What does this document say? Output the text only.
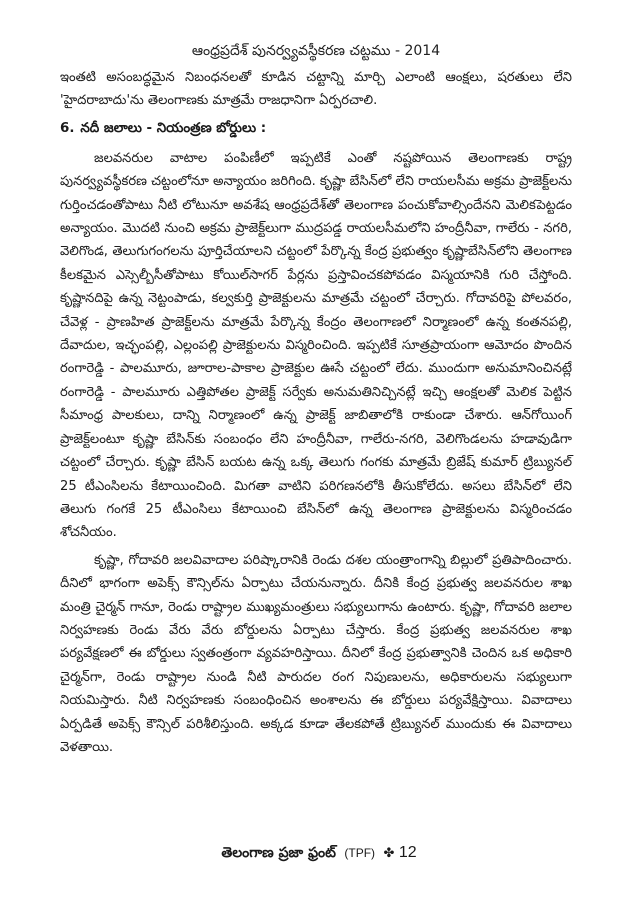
ఆంధ్రప్రదేశ్ పునర్వ్యవస్థీకరణ చట్టము - 2014

ఇంతటి అసంబద్ధమైన నిబంధనలతో కూడిన చట్టాన్ని మార్చి ఎలాంటి ఆంక్షలు, షరతులు లేని 'హైదరాబాదు'ను తెలంగాణకు మాత్రమే రాజధానిగా ఏర్పరచాలి.

6. నదీ జలాలు - నియంత్రణ బోర్డులు :

జలవనరుల వాటాల పంపిణీలో ఇప్పటికే ఎంతో నష్టపోయిన తెలంగాణకు రాష్ట్ర పునర్వ్యవస్థీకరణ చట్టంలోనూ అన్యాయం జరిగింది. కృష్ణా బేసిన్‌లో లేని రాయలసీమ అక్రమ ప్రాజెక్ట్‌లను గుర్తించడంతోపాటు నీటి లోటునూ అవశేష ఆంధ్రప్రదేశ్‌తో తెలంగాణ పంచుకోవాల్సిందేనని మెలికపెట్టడం అన్యాయం. మొదటి నుంచి అక్రమ ప్రాజెక్ట్‌లుగా ముద్రపడ్డ రాయలసీమలోని హంద్రీనీవా, గాలేరు - నగరి, వెలిగొండ, తెలుగుగంగలను పూర్తిచేయాలని చట్టంలో పేర్కొన్న కేంద్ర ప్రభుత్వం కృష్ణాబేసిన్‌లోని తెలంగాణ కీలకమైన ఎస్సెల్బీసీతోపాటు కోయిల్‌సాగర్ పేర్లను ప్రస్తావించకపోవడం విస్మయానికి గురి చేస్తోంది. కృష్ణానదిపై ఉన్న నెట్టంపాడు, కల్వకుర్తి ప్రాజెక్టులను మాత్రమే చట్టంలో చేర్చారు. గోదావరిపై పోలవరం, చేవెళ్ల - ప్రాణహిత ప్రాజెక్ట్‌లను మాత్రమే పేర్కొన్న కేంద్రం తెలంగాణలో నిర్మాణంలో ఉన్న కంతనపల్లి, దేవాదుల, ఇచ్ఛంపల్లి, ఎల్లంపల్లి ప్రాజెక్టులను విస్మరించింది. ఇప్పటికే సూత్రప్రాయంగా ఆమోదం పొందిన రంగారెడ్డి - పాలమూరు, జూరాల-పాకాల ప్రాజెక్టుల ఊసే చట్టంలో లేదు. ముందుగా అనుమానించినట్లే రంగారెడ్డి - పాలమూరు ఎత్తిపోతల ప్రాజెక్ట్ సర్వేకు అనుమతినిచ్చినట్లే ఇచ్చి ఆంక్షలతో మెలిక పెట్టిన సీమాంధ్ర పాలకులు, దాన్ని నిర్మాణంలో ఉన్న ప్రాజెక్ట్ జాబితాలోకి రాకుండా చేశారు. ఆన్‌గోయింగ్ ప్రాజెక్ట్‌లంటూ కృష్ణా బేసిన్‌కు సంబంధం లేని హంద్రీనీవా, గాలేరు-నగరి, వెలిగొండలను హడావుడిగా చట్టంలో చేర్చారు. కృష్ణా బేసిన్ బయట ఉన్న ఒక్క తెలుగు గంగకు మాత్రమే బ్రిజేష్ కుమార్ ట్రిబ్యునల్ 25 టీఎంసిలను కేటాయించింది. మిగతా వాటిని పరిగణనలోకి తీసుకోలేదు. అసలు బేసిన్‌లో లేని తెలుగు గంగకే 25 టీఎంసిలు కేటాయించి బేసిన్‌లో ఉన్న తెలంగాణ ప్రాజెక్టులను విస్మరించడం శోచనీయం.

కృష్ణా, గోదావరి జలవివాదాల పరిష్కారానికి రెండు దశల యంత్రాంగాన్ని బిల్లులో ప్రతిపాదించారు. దీనిలో భాగంగా అపెక్స్ కౌన్సిల్‌ను ఏర్పాటు చేయనున్నారు. దీనికి కేంద్ర ప్రభుత్వ జలవనరుల శాఖ మంత్రి చైర్మన్ గానూ, రెండు రాష్ట్రాల ముఖ్యమంత్రులు సభ్యులుగాను ఉంటారు. కృష్ణా, గోదావరి జలాల నిర్వహణకు రెండు వేరు వేరు బోర్డులను ఏర్పాటు చేస్తారు. కేంద్ర ప్రభుత్వ జలవనరుల శాఖ పర్యవేక్షణలో ఈ బోర్డులు స్వతంత్రంగా వ్యవహరిస్తాయి. దీనిలో కేంద్ర ప్రభుత్వానికి చెందిన ఒక అధికారి చైర్మన్‌గా, రెండు రాష్ట్రాల నుండి నీటి పారుదల రంగ నిపుణులను, అధికారులను సభ్యులుగా నియమిస్తారు. నీటి నిర్వహణకు సంబంధించిన అంశాలను ఈ బోర్డులు పర్యవేక్షిస్తాయి. వివాదాలు ఏర్పడితే అపెక్స్ కౌన్సిల్ పరిశీలిస్తుంది. అక్కడ కూడా తేలకపోతే ట్రిబ్యునల్ ముందుకు ఈ వివాదాలు వెళతాయి.

తెలంగాణ ప్రజా ఫ్రంట్ (TPF) ✤ 12
